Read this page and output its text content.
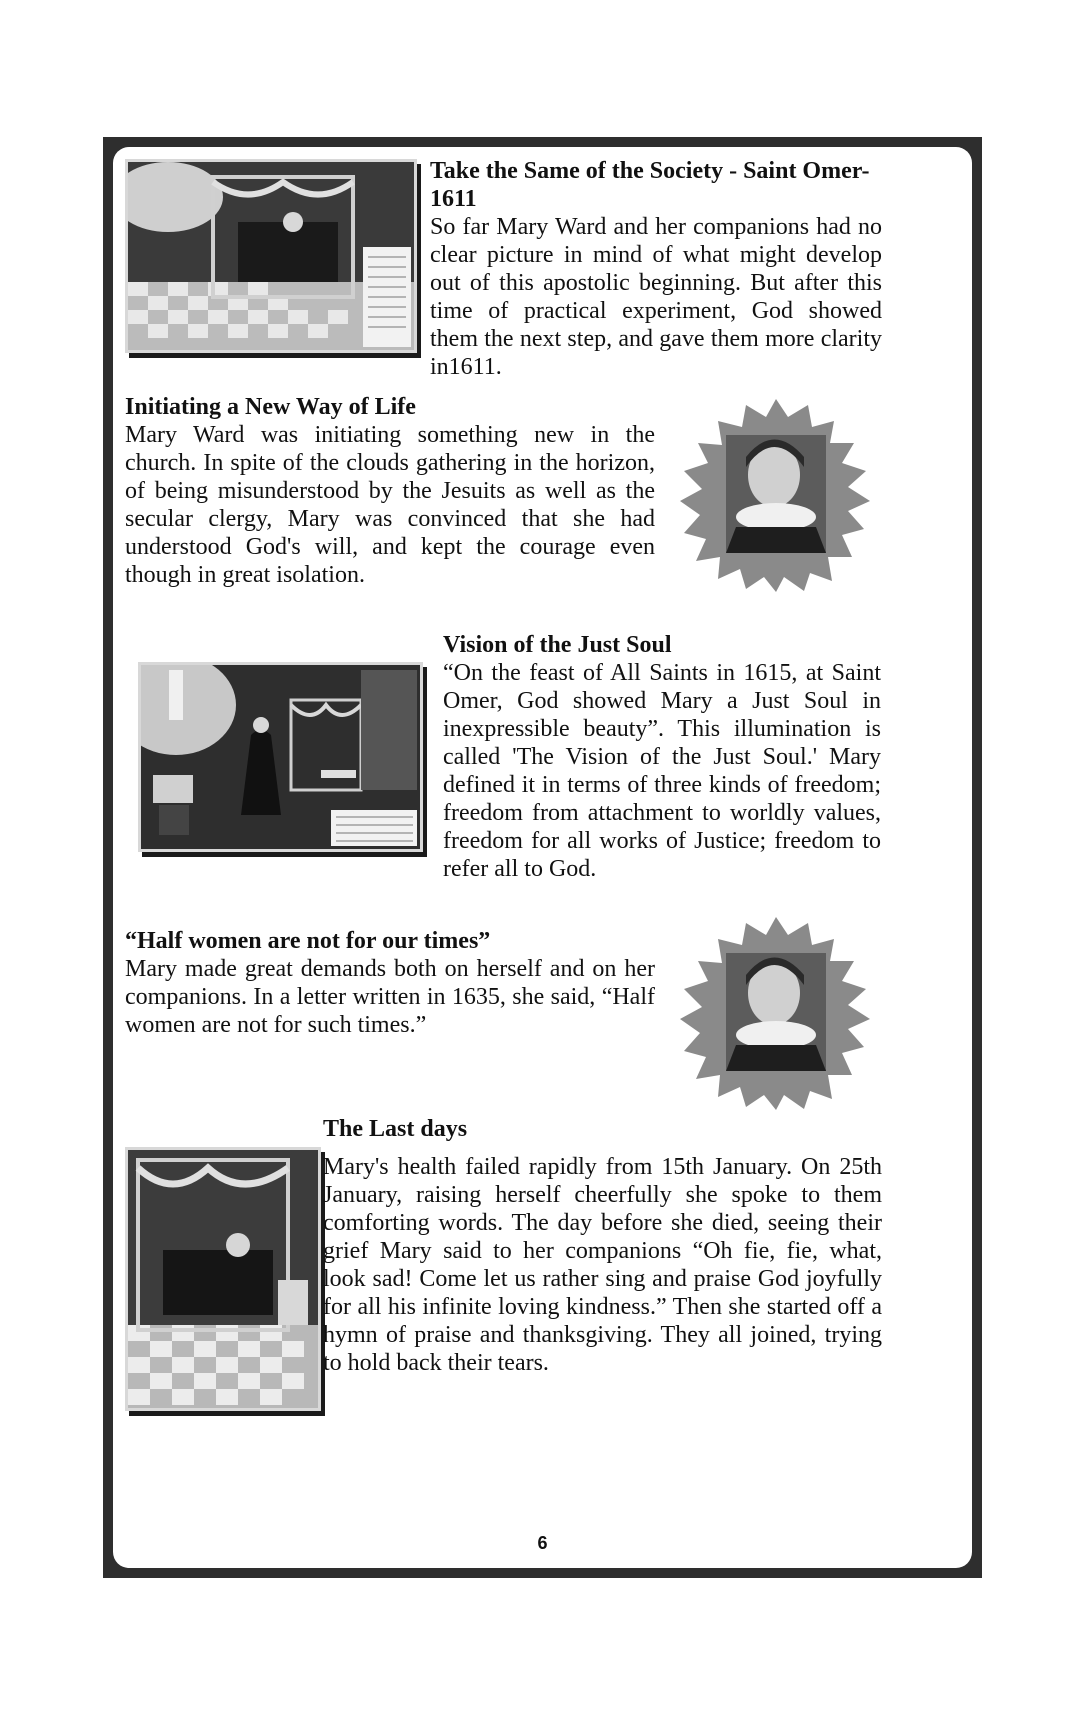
Take the Same of the Society - Saint Omer-1611

So far Mary Ward and her companions had no clear picture in mind of what might develop out of this apostolic beginning. But after this time of practical experiment, God showed them the next step, and gave them more clarity in1611.

Initiating a New Way of Life

Mary Ward was initiating something new in the church. In spite of the clouds gathering in the horizon, of being misunderstood by the Jesuits as well as the secular clergy, Mary was convinced that she had understood God's will, and kept the courage even though in great isolation.

Vision of the Just Soul

“On the feast of All Saints in 1615, at Saint Omer, God showed Mary a Just Soul in inexpressible beauty”. This illumination is called 'The Vision of the Just Soul.' Mary defined it in terms of three kinds of freedom; freedom from attachment to worldly values, freedom for all works of Justice; freedom to refer all to God.

“Half women are not for our times”

Mary made great demands both on herself and on her companions. In a letter written in 1635, she said, “Half women are not for such times.”

The Last days

Mary's health failed rapidly from 15th January. On 25th January, raising herself cheerfully she spoke to them comforting words. The day before she died, seeing their grief Mary said to her companions “Oh fie, fie, what, look sad! Come let us rather sing and praise God joyfully for all his infinite loving kindness.” Then she started off a hymn of praise and thanksgiving. They all joined, trying to hold back their tears.

6
